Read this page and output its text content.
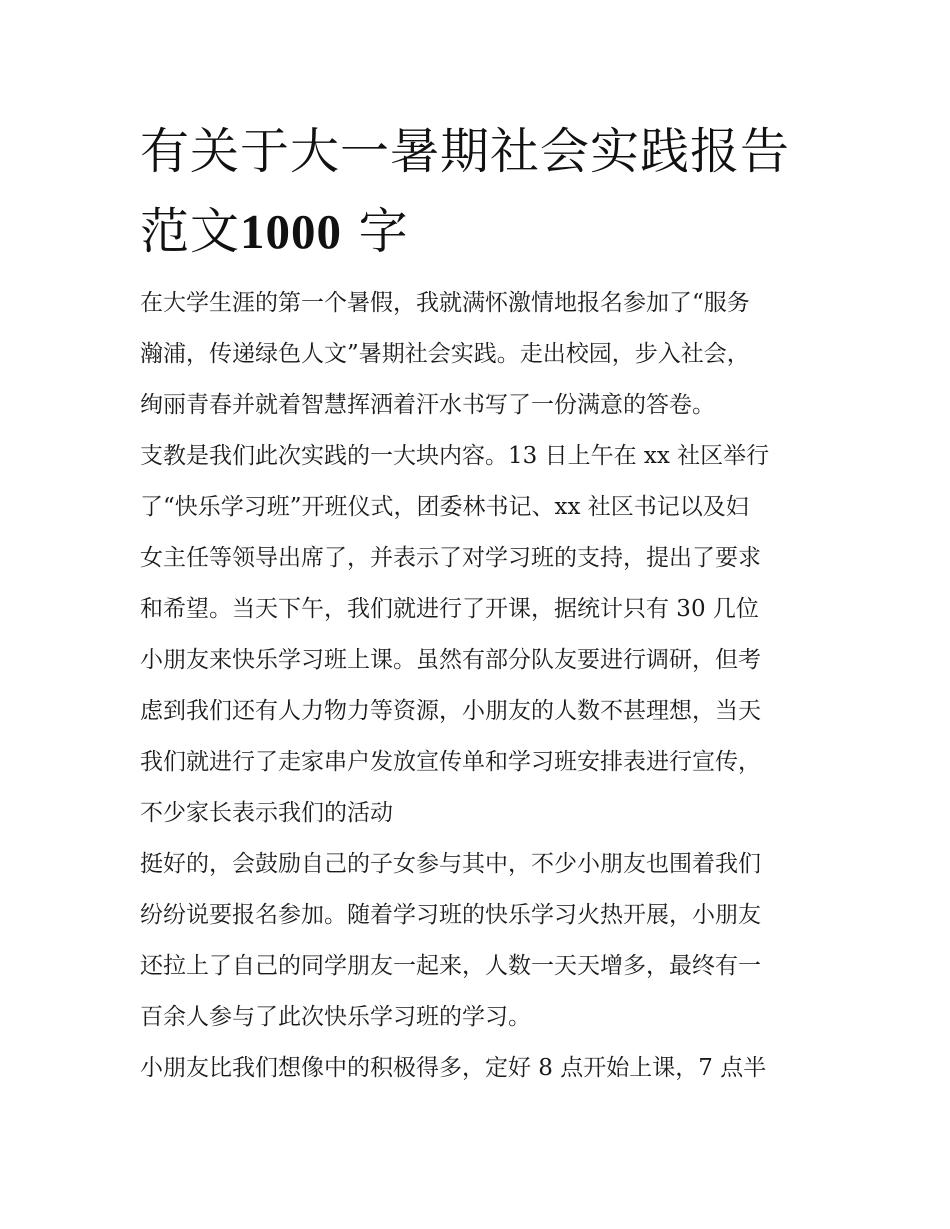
有关于大一暑期社会实践报告
范文1000 字

在大学生涯的第一个暑假，我就满怀激情地报名参加了“服务
瀚浦，传递绿色人文”暑期社会实践。走出校园，步入社会，
绚丽青春并就着智慧挥洒着汗水书写了一份满意的答卷。

支教是我们此次实践的一大块内容。13 日上午在 xx 社区举行
了“快乐学习班”开班仪式，团委林书记、xx 社区书记以及妇
女主任等领导出席了，并表示了对学习班的支持，提出了要求
和希望。当天下午，我们就进行了开课，据统计只有 30 几位
小朋友来快乐学习班上课。虽然有部分队友要进行调研，但考
虑到我们还有人力物力等资源，小朋友的人数不甚理想，当天
我们就进行了走家串户发放宣传单和学习班安排表进行宣传，
不少家长表示我们的活动

挺好的，会鼓励自己的子女参与其中，不少小朋友也围着我们
纷纷说要报名参加。随着学习班的快乐学习火热开展，小朋友
还拉上了自己的同学朋友一起来，人数一天天增多，最终有一
百余人参与了此次快乐学习班的学习。

小朋友比我们想像中的积极得多，定好 8 点开始上课，7 点半
